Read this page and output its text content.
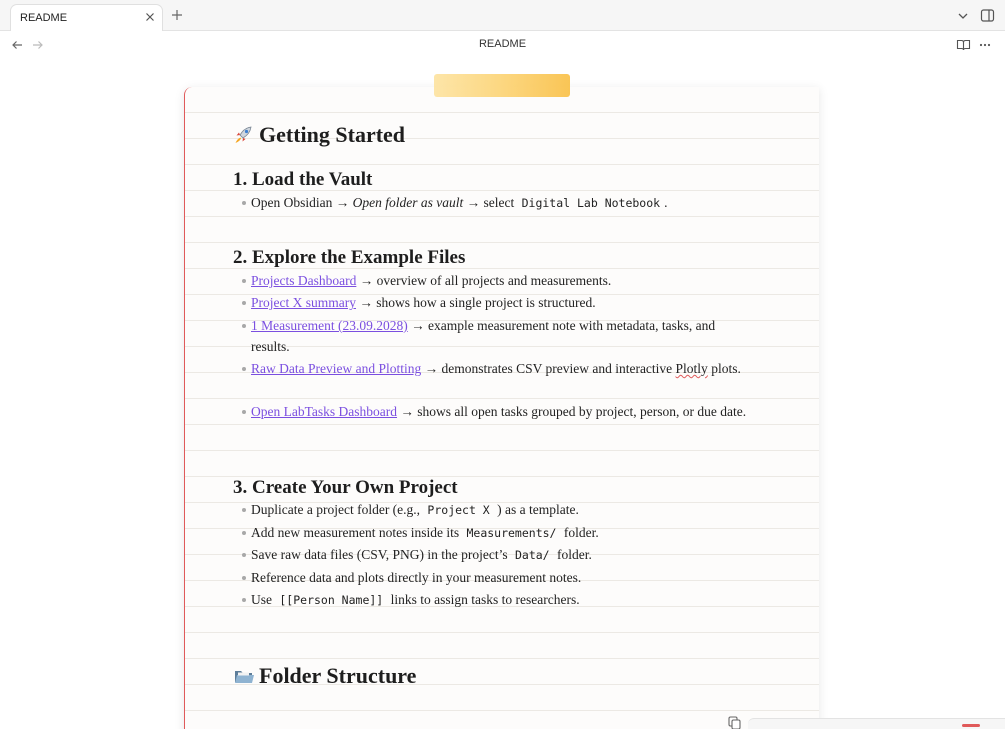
README
README
Getting Started
1. Load the Vault
Open Obsidian → Open folder as vault → select Digital Lab Notebook .
2. Explore the Example Files
Projects Dashboard → overview of all projects and measurements.
Project X summary → shows how a single project is structured.
1 Measurement (23.09.2028) → example measurement note with metadata, tasks, and results.
Raw Data Preview and Plotting → demonstrates CSV preview and interactive Plotly plots.
Open LabTasks Dashboard → shows all open tasks grouped by project, person, or due date.
3. Create Your Own Project
Duplicate a project folder (e.g., Project X ) as a template.
Add new measurement notes inside its Measurements/ folder.
Save raw data files (CSV, PNG) in the project’s Data/ folder.
Reference data and plots directly in your measurement notes.
Use [[Person Name]] links to assign tasks to researchers.
Folder Structure
